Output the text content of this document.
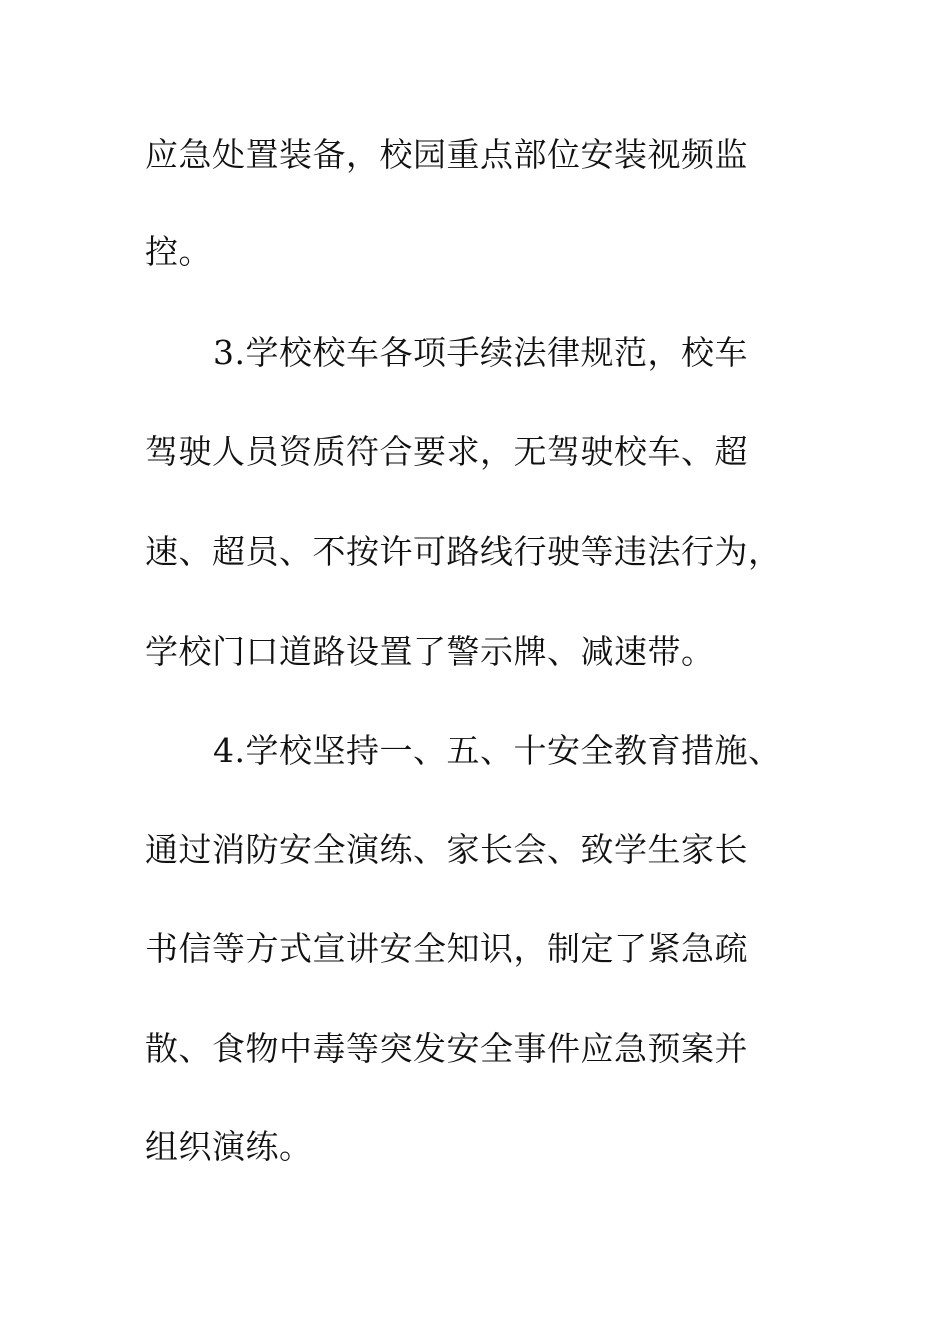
应急处置装备，校园重点部位安装视频监
控。
3.学校校车各项手续法律规范，校车
驾驶人员资质符合要求，无驾驶校车、超
速、超员、不按许可路线行驶等违法行为，
学校门口道路设置了警示牌、减速带。
4.学校坚持一、五、十安全教育措施、
通过消防安全演练、家长会、致学生家长
书信等方式宣讲安全知识，制定了紧急疏
散、食物中毒等突发安全事件应急预案并
组织演练。
